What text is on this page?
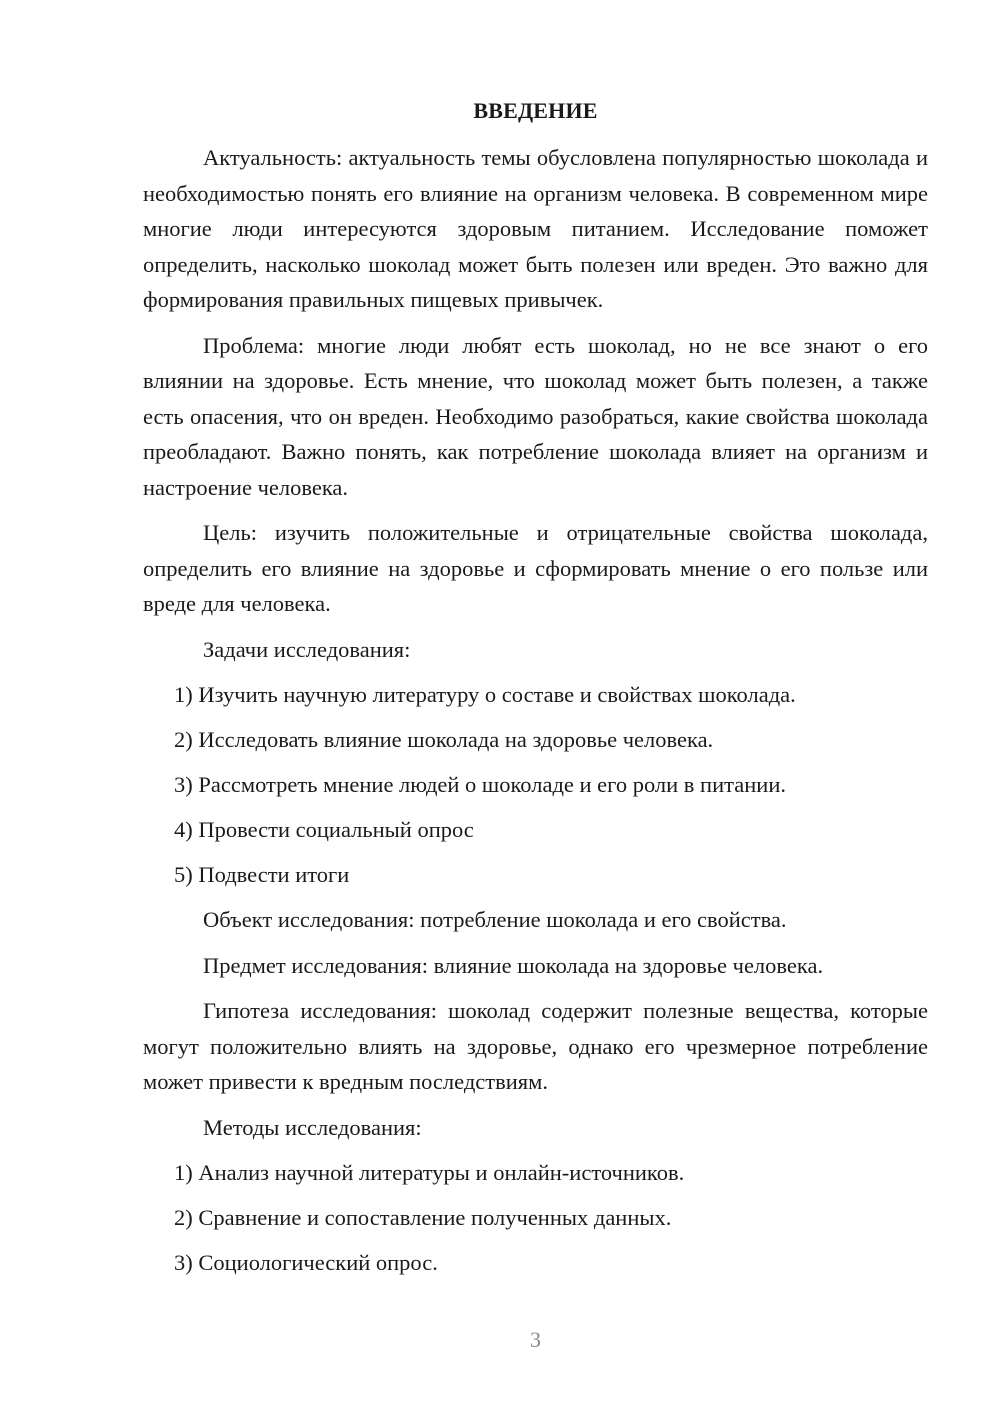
ВВЕДЕНИЕ

Актуальность: актуальность темы обусловлена популярностью шоколада и необходимостью понять его влияние на организм человека. В современном мире многие люди интересуются здоровым питанием. Исследование поможет определить, насколько шоколад может быть полезен или вреден. Это важно для формирования правильных пищевых привычек.

Проблема: многие люди любят есть шоколад, но не все знают о его влиянии на здоровье. Есть мнение, что шоколад может быть полезен, а также есть опасения, что он вреден. Необходимо разобраться, какие свойства шоколада преобладают. Важно понять, как потребление шоколада влияет на организм и настроение человека.

Цель: изучить положительные и отрицательные свойства шоколада, определить его влияние на здоровье и сформировать мнение о его пользе или вреде для человека.

Задачи исследования:

1) Изучить научную литературу о составе и свойствах шоколада.

2) Исследовать влияние шоколада на здоровье человека.

3) Рассмотреть мнение людей о шоколаде и его роли в питании.

4) Провести социальный опрос

5) Подвести итоги

Объект исследования: потребление шоколада и его свойства.

Предмет исследования: влияние шоколада на здоровье человека.

Гипотеза исследования: шоколад содержит полезные вещества, которые могут положительно влиять на здоровье, однако его чрезмерное потребление может привести к вредным последствиям.

Методы исследования:

1) Анализ научной литературы и онлайн-источников.

2) Сравнение и сопоставление полученных данных.

3) Социологический опрос.

3
